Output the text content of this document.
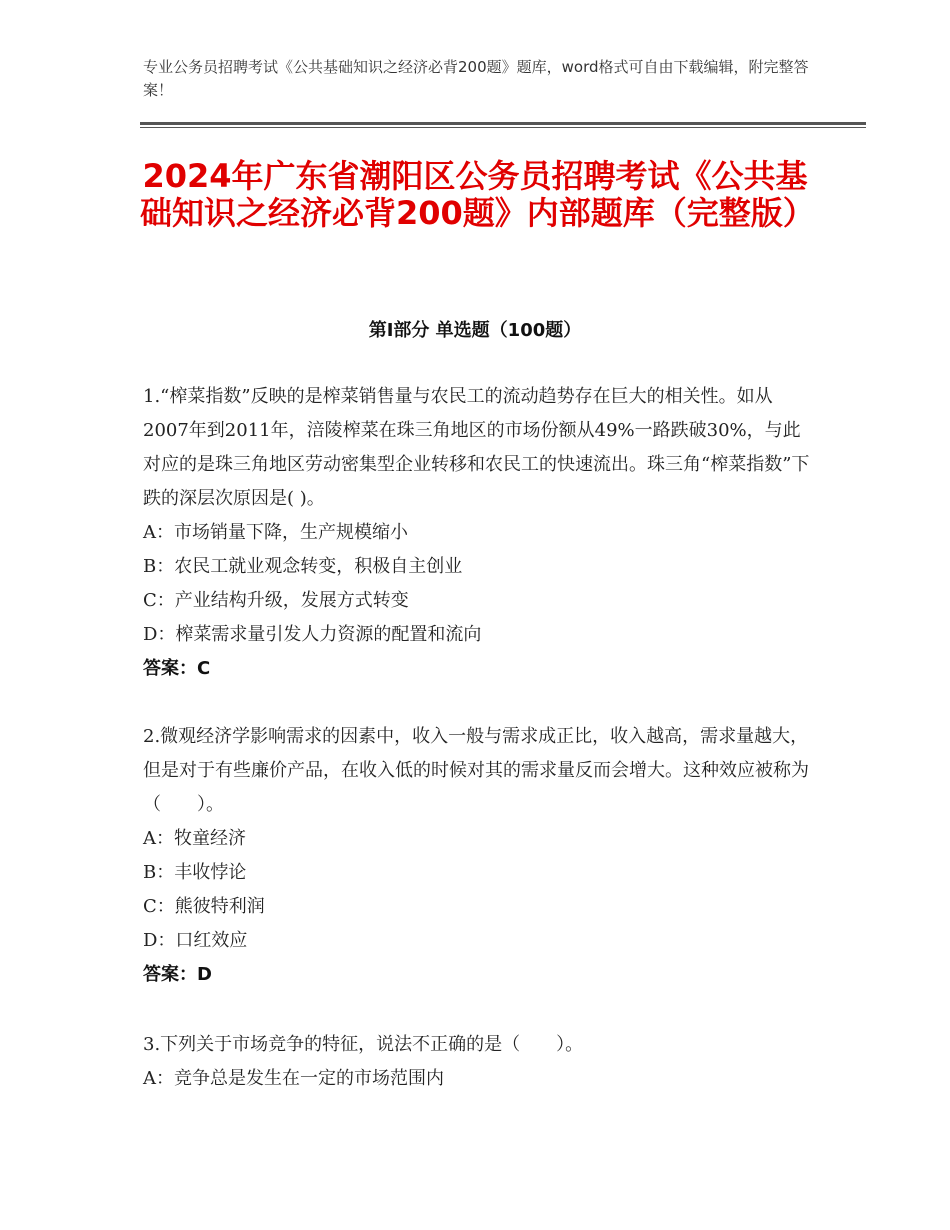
专业公务员招聘考试《公共基础知识之经济必背200题》题库，word格式可自由下载编辑，附完整答案！
2024年广东省潮阳区公务员招聘考试《公共基础知识之经济必背200题》内部题库（完整版）
第Ⅰ部分 单选题（100题）
1.“榨菜指数”反映的是榨菜销售量与农民工的流动趋势存在巨大的相关性。如从2007年到2011年，涪陵榨菜在珠三角地区的市场份额从49%一路跌破30%，与此对应的是珠三角地区劳动密集型企业转移和农民工的快速流出。珠三角“榨菜指数”下跌的深层次原因是( )。
A：市场销量下降，生产规模缩小
B：农民工就业观念转变，积极自主创业
C：产业结构升级，发展方式转变
D：榨菜需求量引发人力资源的配置和流向
答案：C
2.微观经济学影响需求的因素中，收入一般与需求成正比，收入越高，需求量越大，但是对于有些廉价产品，在收入低的时候对其的需求量反而会增大。这种效应被称为（　　）。
A：牧童经济
B：丰收悖论
C：熊彼特利润
D：口红效应
答案：D
3.下列关于市场竞争的特征，说法不正确的是（　　）。
A：竞争总是发生在一定的市场范围内
